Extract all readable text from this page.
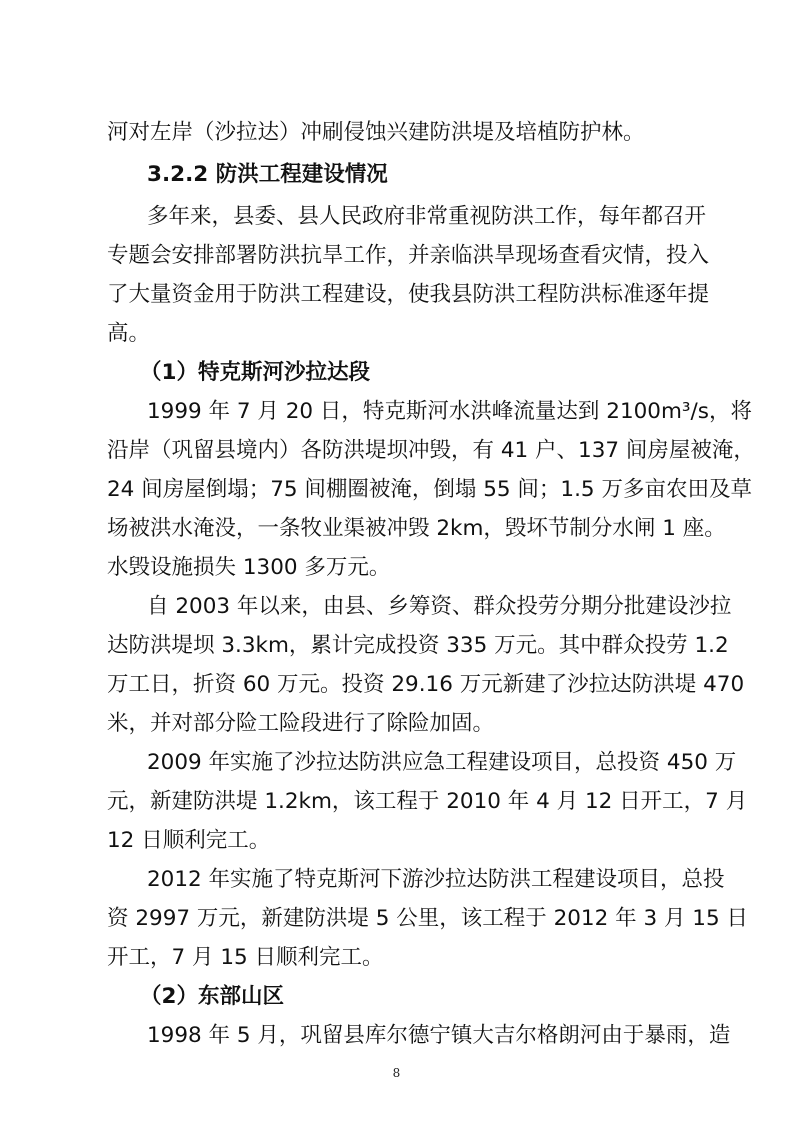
河对左岸（沙拉达）冲刷侵蚀兴建防洪堤及培植防护林。
3.2.2 防洪工程建设情况
多年来，县委、县人民政府非常重视防洪工作，每年都召开
专题会安排部署防洪抗旱工作，并亲临洪旱现场查看灾情，投入
了大量资金用于防洪工程建设，使我县防洪工程防洪标准逐年提
高。
（1）特克斯河沙拉达段
1999 年 7 月 20 日，特克斯河水洪峰流量达到 2100m³/s，将
沿岸（巩留县境内）各防洪堤坝冲毁，有 41 户、137 间房屋被淹，
24 间房屋倒塌；75 间棚圈被淹，倒塌 55 间；1.5 万多亩农田及草
场被洪水淹没，一条牧业渠被冲毁 2km，毁坏节制分水闸 1 座。
水毁设施损失 1300 多万元。
自 2003 年以来，由县、乡筹资、群众投劳分期分批建设沙拉
达防洪堤坝 3.3km，累计完成投资 335 万元。其中群众投劳 1.2
万工日，折资 60 万元。投资 29.16 万元新建了沙拉达防洪堤 470
米，并对部分险工险段进行了除险加固。
2009 年实施了沙拉达防洪应急工程建设项目，总投资 450 万
元，新建防洪堤 1.2km，该工程于 2010 年 4 月 12 日开工，7 月
12 日顺利完工。
2012 年实施了特克斯河下游沙拉达防洪工程建设项目，总投
资 2997 万元，新建防洪堤 5 公里，该工程于 2012 年 3 月 15 日
开工，7 月 15 日顺利完工。
（2）东部山区
1998 年 5 月，巩留县库尔德宁镇大吉尔格朗河由于暴雨，造
8
